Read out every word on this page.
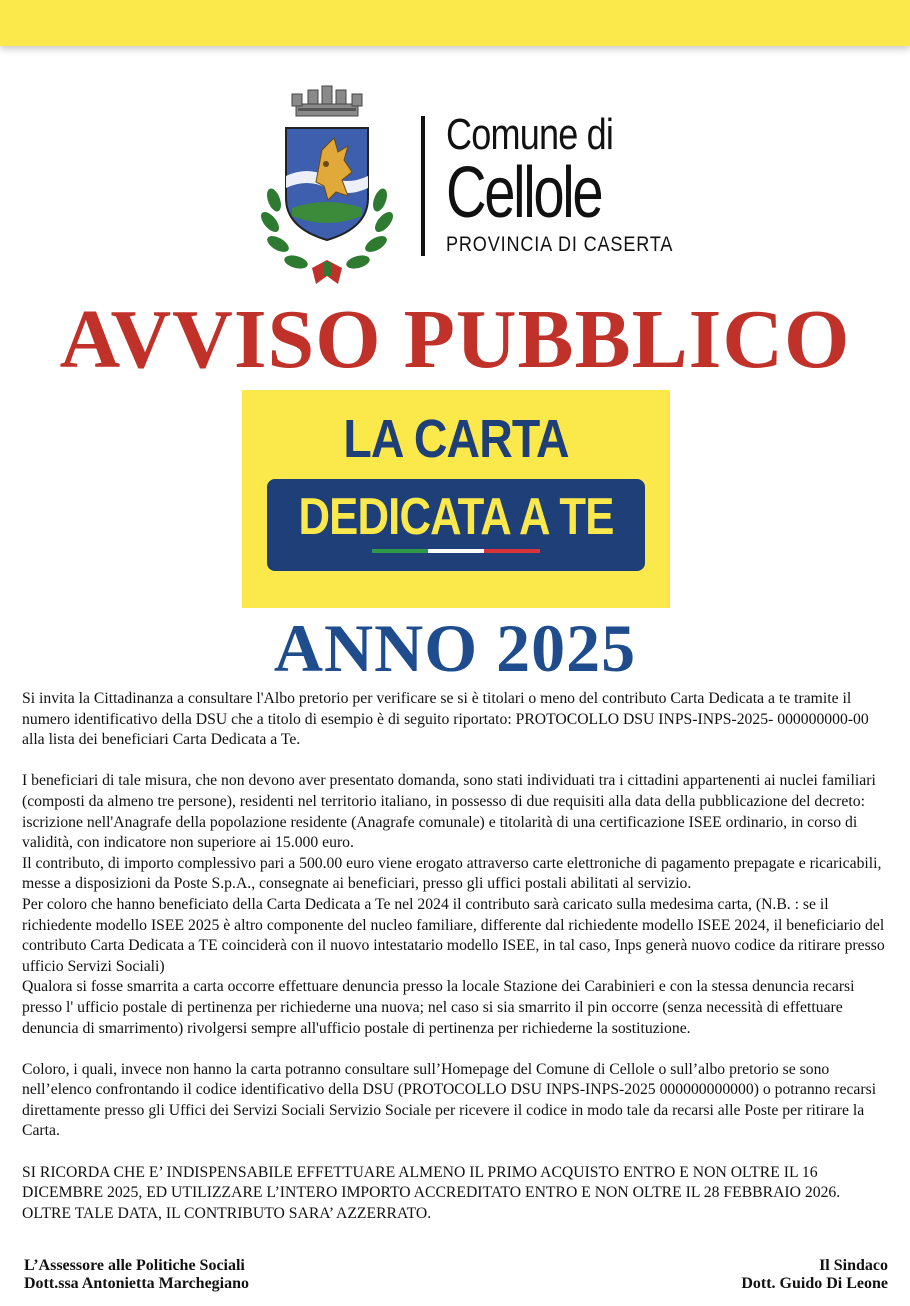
Comune di
Cellole
PROVINCIA DI CASERTA
AVVISO PUBBLICO
LA CARTA
DEDICATA A TE
ANNO 2025

Si invita la Cittadinanza a consultare l'Albo pretorio per verificare se si è titolari o meno del contributo Carta Dedicata a te tramite il numero identificativo della DSU che a titolo di esempio è di seguito riportato: PROTOCOLLO DSU INPS-INPS-2025- 000000000-00 alla lista dei beneficiari Carta Dedicata a Te.

I beneficiari di tale misura, che non devono aver presentato domanda, sono stati individuati tra i cittadini appartenenti ai nuclei familiari (composti da almeno tre persone), residenti nel territorio italiano, in possesso di due requisiti alla data della pubblicazione del decreto: iscrizione nell'Anagrafe della popolazione residente (Anagrafe comunale) e titolarità di una certificazione ISEE ordinario, in corso di validità, con indicatore non superiore ai 15.000 euro.

Il contributo, di importo complessivo pari a 500.00 euro viene erogato attraverso carte elettroniche di pagamento prepagate e ricaricabili, messe a disposizioni da Poste S.p.A., consegnate ai beneficiari, presso gli uffici postali abilitati al servizio.

Per coloro che hanno beneficiato della Carta Dedicata a Te nel 2024 il contributo sarà caricato sulla medesima carta, (N.B. : se il richiedente modello ISEE 2025 è altro componente del nucleo familiare, differente dal richiedente modello ISEE 2024, il beneficiario del contributo Carta Dedicata a TE coinciderà con il nuovo intestatario modello ISEE, in tal caso, Inps generà nuovo codice da ritirare presso ufficio Servizi Sociali)

Qualora si fosse smarrita a carta occorre effettuare denuncia presso la locale Stazione dei Carabinieri e con la stessa denuncia recarsi presso l' ufficio postale di pertinenza per richiederne una nuova; nel caso si sia smarrito il pin occorre (senza necessità di effettuare denuncia di smarrimento) rivolgersi sempre all'ufficio postale di pertinenza per richiederne la sostituzione.

Coloro, i quali, invece non hanno la carta potranno consultare sull’Homepage del Comune di Cellole o sull’albo pretorio se sono nell’elenco confrontando il codice identificativo della DSU (PROTOCOLLO DSU INPS-INPS-2025 000000000000) o potranno recarsi direttamente presso gli Uffici dei Servizi Sociali Servizio Sociale per ricevere il codice in modo tale da recarsi alle Poste per ritirare la Carta.

SI RICORDA CHE E’ INDISPENSABILE EFFETTUARE ALMENO IL PRIMO ACQUISTO ENTRO E NON OLTRE IL 16 DICEMBRE 2025, ED UTILIZZARE L’INTERO IMPORTO ACCREDITATO ENTRO E NON OLTRE IL 28 FEBBRAIO 2026. OLTRE TALE DATA, IL CONTRIBUTO SARA’ AZZERRATO.

L’Assessore alle Politiche Sociali
Dott.ssa Antonietta Marchegiano
Il Sindaco
Dott. Guido Di Leone
